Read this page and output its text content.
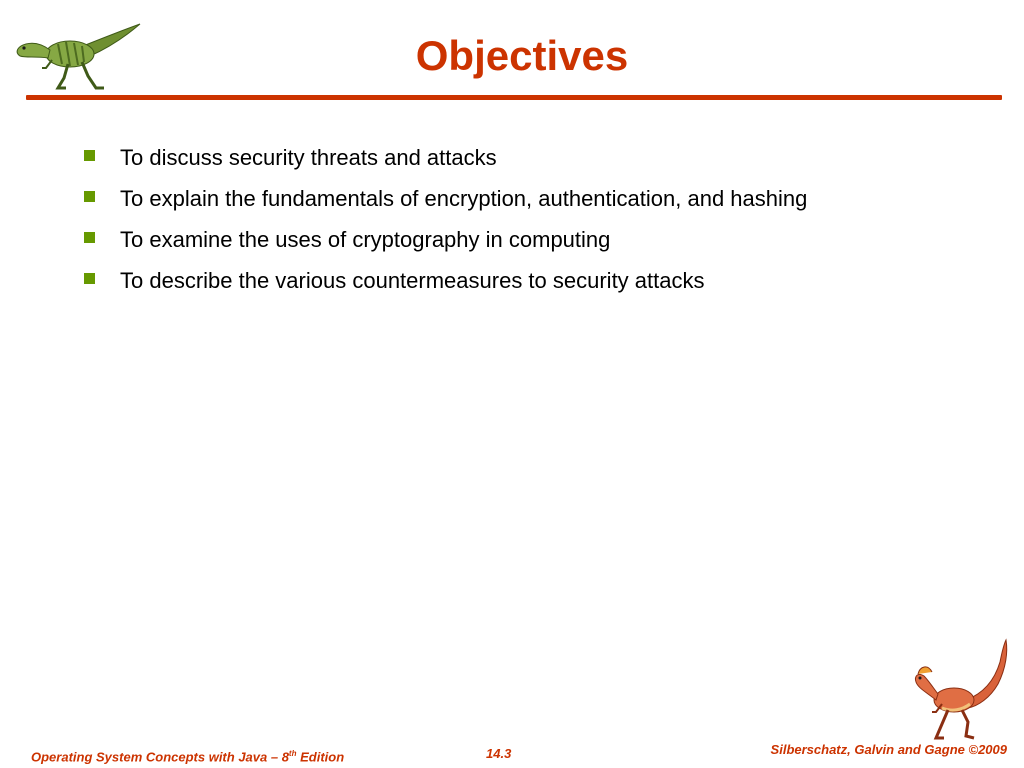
Objectives
To discuss security threats and attacks
To explain the fundamentals of encryption, authentication, and hashing
To examine the uses of cryptography in computing
To describe the various countermeasures to security attacks
Operating System Concepts with Java – 8th Edition	14.3	Silberschatz, Galvin and Gagne ©2009
